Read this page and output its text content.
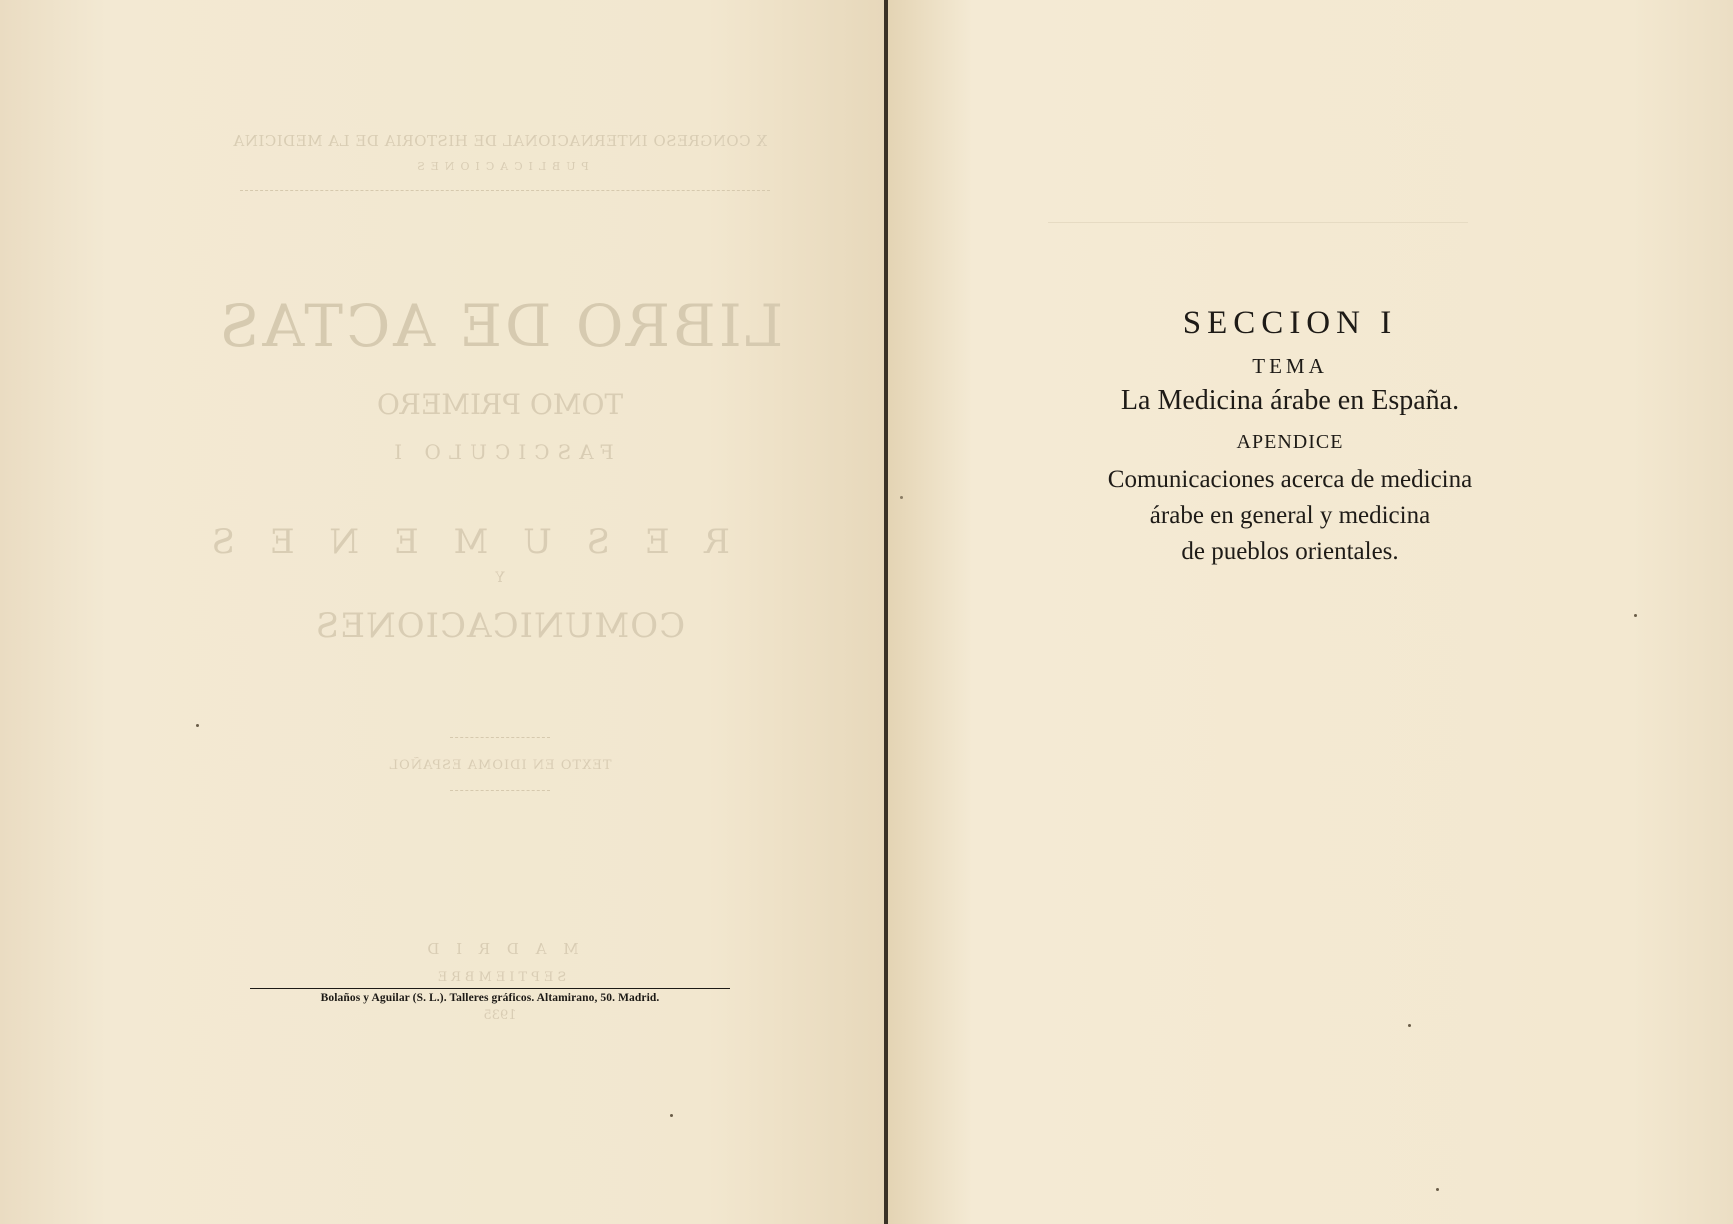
X CONGRESO INTERNACIONAL DE HISTORIA DE LA MEDICINA
PUBLICACIONES
LIBRO DE ACTAS
TOMO PRIMERO
FASCICULO I
R E S U M E N E S
Y
COMUNICACIONES
TEXTO EN IDIOMA ESPAÑOL
M A D R I D
SEPTIEMBRE
1935
Bolaños y Aguilar (S. L.). Talleres gráficos. Altamirano, 50. Madrid.
SECCION I
TEMA
La Medicina árabe en España.
APENDICE
Comunicaciones acerca de medicina
árabe en general y medicina
de pueblos orientales.
